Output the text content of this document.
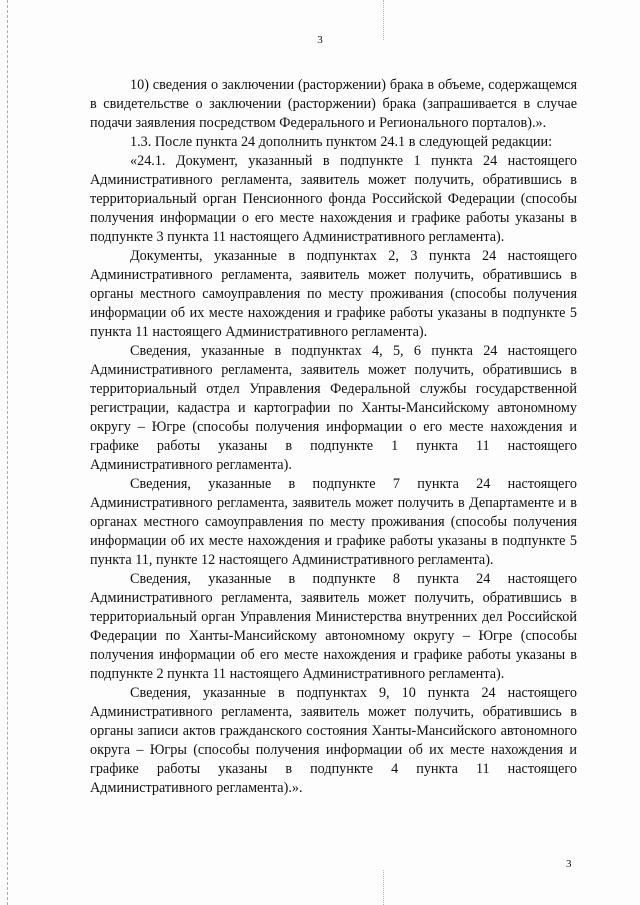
3

10) сведения о заключении (расторжении) брака в объеме, содержащемся в свидетельстве о заключении (расторжении) брака (запрашивается в случае подачи заявления посредством Федерального и Регионального порталов).».

1.3. После пункта 24 дополнить пунктом 24.1 в следующей редакции:

«24.1. Документ, указанный в подпункте 1 пункта 24 настоящего Административного регламента, заявитель может получить, обратившись в территориальный орган Пенсионного фонда Российской Федерации (способы получения информации о его месте нахождения и графике работы указаны в подпункте 3 пункта 11 настоящего Административного регламента).

Документы, указанные в подпунктах 2, 3 пункта 24 настоящего Административного регламента, заявитель может получить, обратившись в органы местного самоуправления по месту проживания (способы получения информации об их месте нахождения и графике работы указаны в подпункте 5 пункта 11 настоящего Административного регламента).

Сведения, указанные в подпунктах 4, 5, 6 пункта 24 настоящего Административного регламента, заявитель может получить, обратившись в территориальный отдел Управления Федеральной службы государственной регистрации, кадастра и картографии по Ханты-Мансийскому автономному округу – Югре (способы получения информации о его месте нахождения и графике работы указаны в подпункте 1 пункта 11 настоящего Административного регламента).

Сведения, указанные в подпункте 7 пункта 24 настоящего Административного регламента, заявитель может получить в Департаменте и в органах местного самоуправления по месту проживания (способы получения информации об их месте нахождения и графике работы указаны в подпункте 5 пункта 11, пункте 12 настоящего Административного регламента).

Сведения, указанные в подпункте 8 пункта 24 настоящего Административного регламента, заявитель может получить, обратившись в территориальный орган Управления Министерства внутренних дел Российской Федерации по Ханты-Мансийскому автономному округу – Югре (способы получения информации об его месте нахождения и графике работы указаны в подпункте 2 пункта 11 настоящего Административного регламента).

Сведения, указанные в подпунктах 9, 10 пункта 24 настоящего Административного регламента, заявитель может получить, обратившись в органы записи актов гражданского состояния Ханты-Мансийского автономного округа – Югры (способы получения информации об их месте нахождения и графике работы указаны в подпункте 4 пункта 11 настоящего Административного регламента).».

3
